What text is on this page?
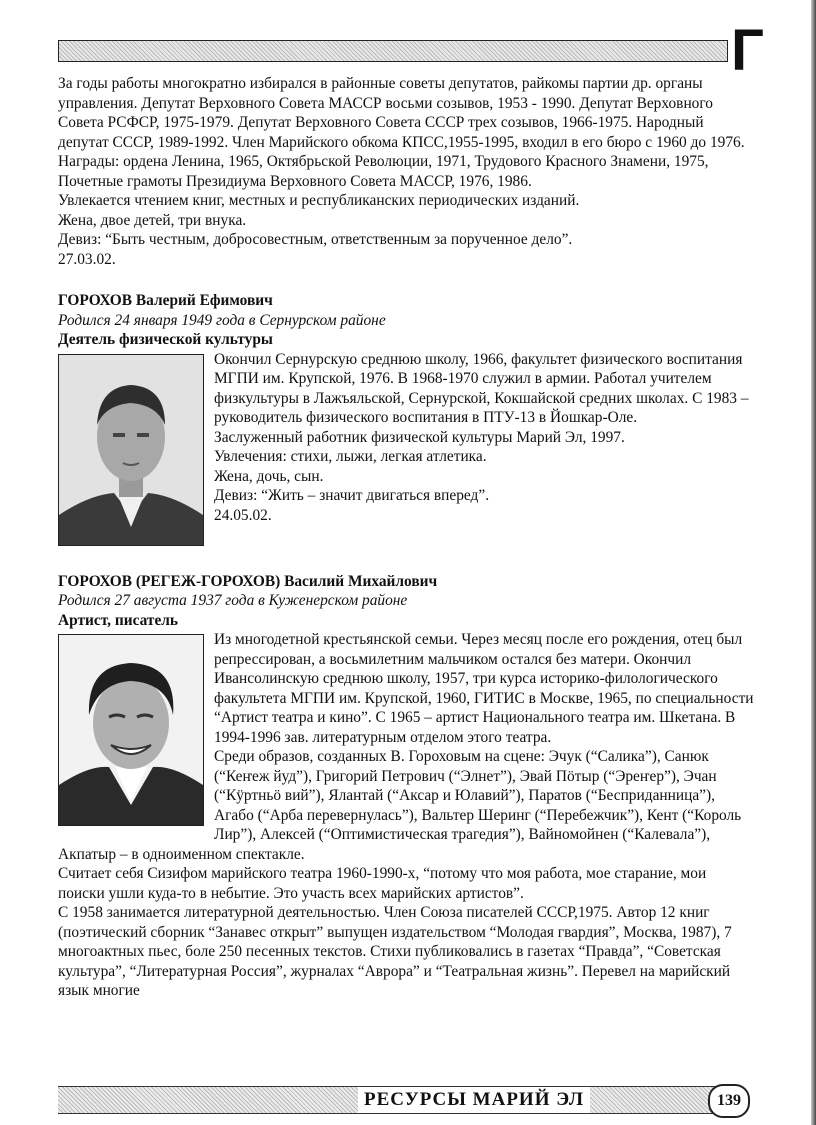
Г

За годы работы многократно избирался в районные советы депутатов, райкомы партии др. органы управления. Депутат Верховного Совета МАССР восьми созывов, 1953 - 1990. Депутат Верховного Совета РСФСР, 1975-1979. Депутат Верховного Совета СССР трех созывов, 1966-1975. Народный депутат СССР, 1989-1992. Член Марийского обкома КПСС,1955-1995, входил в его бюро с 1960 до 1976.

Награды: ордена Ленина, 1965, Октябрьской Революции, 1971, Трудового Красного Знамени, 1975, Почетные грамоты Президиума Верховного Совета МАССР, 1976, 1986.

Увлекается чтением книг, местных и республиканских периодических изданий.

Жена, двое детей, три внука.

Девиз: “Быть честным, добросовестным, ответственным за порученное дело”.

27.03.02.

ГОРОХОВ Валерий Ефимович

Родился 24 января 1949 года в Сернурском районе

Деятель физической культуры

Окончил Сернурскую среднюю школу, 1966, факультет физического воспитания МГПИ им. Крупской, 1976. В 1968-1970 служил в армии. Работал учителем физкультуры в Лажъяльской, Сернурской, Кокшайской средних школах. С 1983 – руководитель физического воспитания в ПТУ-13 в Йошкар-Оле.

Заслуженный работник физической культуры Марий Эл, 1997.

Увлечения: стихи, лыжи, легкая атлетика.

Жена, дочь, сын.

Девиз: “Жить – значит двигаться вперед”.

24.05.02.

ГОРОХОВ (РЕГЕЖ-ГОРОХОВ) Василий Михайлович

Родился 27 августа 1937 года в Куженерском районе

Артист, писатель

Из многодетной крестьянской семьи. Через месяц после его рождения, отец был репрессирован, а восьмилетним мальчиком остался без матери. Окончил Ивансолинскую среднюю школу, 1957, три курса историко-филологического факультета МГПИ им. Крупской, 1960, ГИТИС в Москве, 1965, по специальности “Артист театра и кино”. С 1965 – артист Национального театра им. Шкетана. В 1994-1996 зав. литературным отделом этого театра.

Среди образов, созданных В. Гороховым на сцене: Эчук (“Салика”), Санюк (“Кеҥеж йуд”), Григорий Петрович (“Элнет”), Эвай Пӧтыр (“Эреҥер”), Эчан (“Кӱртньӧ вий”), Ялантай (“Аксар и Юлавий”), Паратов (“Бесприданница”), Агабо (“Арба перевернулась”), Вальтер Шеринг (“Перебежчик”), Кент (“Король Лир”), Алексей (“Оптимистическая трагедия”), Вайномойнен (“Калевала”), Акпатыр – в одноименном спектакле.

Считает себя Сизифом марийского театра 1960-1990-х, “потому что моя работа, мое старание, мои поиски ушли куда-то в небытие. Это участь всех марийских артистов”.

С 1958 занимается литературной деятельностью. Член Союза писателей СССР,1975. Автор 12 книг (поэтический сборник “Занавес открыт” выпущен издательством “Молодая гвардия”, Москва, 1987), 7 многоактных пьес, боле 250 песенных текстов. Стихи публиковались в газетах “Правда”, “Советская культура”, “Литературная Россия”, журналах “Аврора” и “Театральная жизнь”. Перевел на марийский язык многие

РЕСУРСЫ МАРИЙ ЭЛ	139
